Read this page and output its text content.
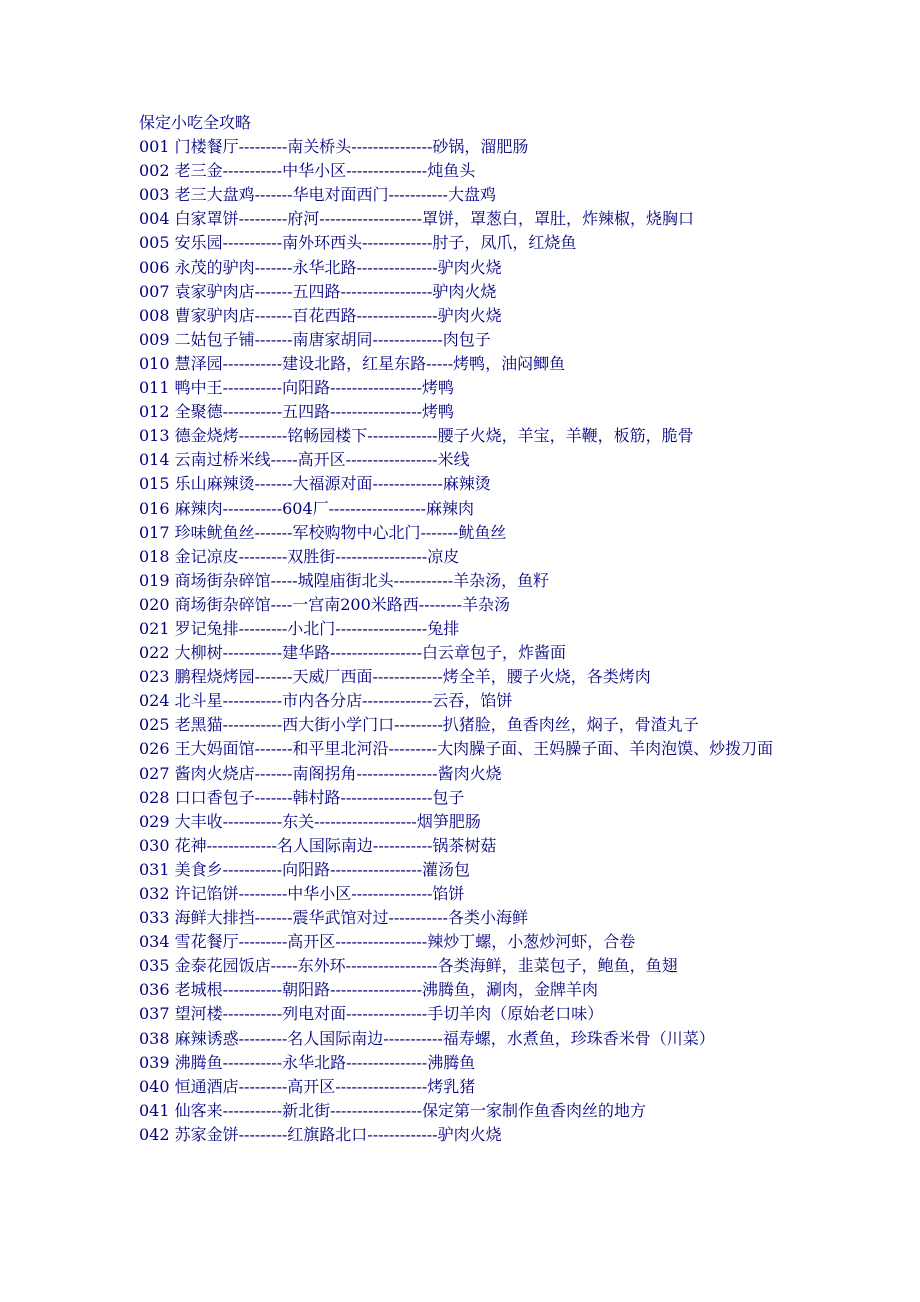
保定小吃全攻略
001 门楼餐厅---------南关桥头---------------砂锅，溜肥肠
002 老三金-----------中华小区---------------炖鱼头
003 老三大盘鸡-------华电对面西门-----------大盘鸡
004 白家罩饼---------府河-------------------罩饼，罩葱白，罩肚，炸辣椒，烧胸口
005 安乐园-----------南外环西头-------------肘子，凤爪，红烧鱼
006 永茂的驴肉-------永华北路---------------驴肉火烧
007 袁家驴肉店-------五四路-----------------驴肉火烧
008 曹家驴肉店-------百花西路---------------驴肉火烧
009 二姑包子铺-------南唐家胡同-------------肉包子
010 慧泽园-----------建设北路，红星东路-----烤鸭，油闷鲫鱼
011 鸭中王-----------向阳路-----------------烤鸭
012 全聚德-----------五四路-----------------烤鸭
013 德金烧烤---------铭畅园楼下-------------腰子火烧，羊宝，羊鞭，板筋，脆骨
014 云南过桥米线-----高开区-----------------米线
015 乐山麻辣烫-------大福源对面-------------麻辣烫
016 麻辣肉-----------604厂------------------麻辣肉
017 珍味鱿鱼丝-------军校购物中心北门-------鱿鱼丝
018 金记凉皮---------双胜街-----------------凉皮
019 商场街杂碎馆-----城隍庙街北头-----------羊杂汤，鱼籽
020 商场街杂碎馆----一宫南200米路西--------羊杂汤
021 罗记兔排---------小北门-----------------兔排
022 大柳树-----------建华路-----------------白云章包子，炸酱面
023 鹏程烧烤园-------天威厂西面-------------烤全羊，腰子火烧，各类烤肉
024 北斗星-----------市内各分店-------------云吞，馅饼
025 老黑猫-----------西大街小学门口---------扒猪脸，鱼香肉丝，焖子，骨渣丸子
026 王大妈面馆-------和平里北河沿---------大肉臊子面、王妈臊子面、羊肉泡馍、炒拨刀面
027 酱肉火烧店-------南阁拐角---------------酱肉火烧
028 口口香包子-------韩村路-----------------包子
029 大丰收-----------东关-------------------烟笋肥肠
030 花神-------------名人国际南边-----------锅茶树菇
031 美食乡-----------向阳路-----------------灌汤包
032 许记馅饼---------中华小区---------------馅饼
033 海鲜大排挡-------震华武馆对过-----------各类小海鲜
034 雪花餐厅---------高开区-----------------辣炒丁螺，小葱炒河虾，合卷
035 金泰花园饭店-----东外环-----------------各类海鲜，韭菜包子，鲍鱼，鱼翅
036 老城根-----------朝阳路-----------------沸腾鱼，涮肉，金牌羊肉
037 望河楼-----------列电对面---------------手切羊肉（原始老口味）
038 麻辣诱惑---------名人国际南边-----------福寿螺，水煮鱼，珍珠香米骨（川菜）
039 沸腾鱼-----------永华北路---------------沸腾鱼
040 恒通酒店---------高开区-----------------烤乳猪
041 仙客来-----------新北街-----------------保定第一家制作鱼香肉丝的地方
042 苏家金饼---------红旗路北口-------------驴肉火烧
